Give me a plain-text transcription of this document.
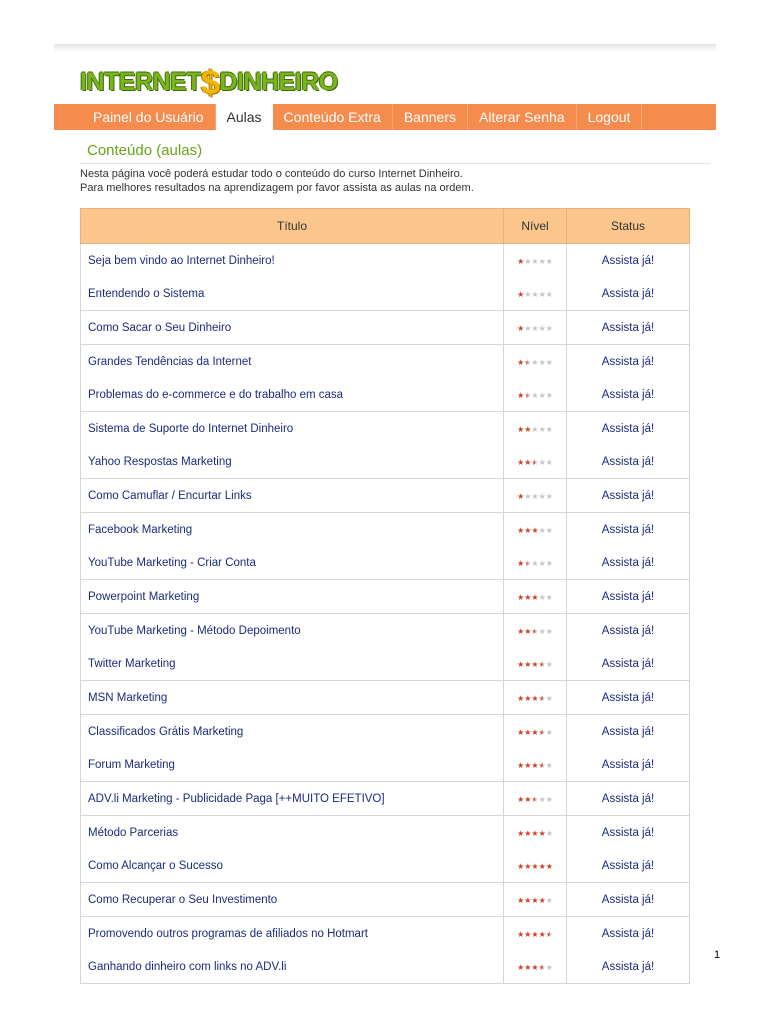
INTERNET$DINHEIRO
Painel do Usuário	Aulas	Conteúdo Extra	Banners	Alterar Senha	Logout
Conteúdo (aulas)
Nesta página você poderá estudar todo o conteúdo do curso Internet Dinheiro.
Para melhores resultados na aprendizagem por favor assista as aulas na ordem.
Título	Nível	Status
Seja bem vindo ao Internet Dinheiro!	★★★★★	Assista já!
Entendendo o Sistema	★★★★★	Assista já!
Como Sacar o Seu Dinheiro	★★★★★	Assista já!
Grandes Tendências da Internet	★★★★★	Assista já!
Problemas do e-commerce e do trabalho em casa	★★★★★	Assista já!
Sistema de Suporte do Internet Dinheiro	★★★★★	Assista já!
Yahoo Respostas Marketing	★★★★★	Assista já!
Como Camuflar / Encurtar Links	★★★★★	Assista já!
Facebook Marketing	★★★★★	Assista já!
YouTube Marketing - Criar Conta	★★★★★	Assista já!
Powerpoint Marketing	★★★★★	Assista já!
YouTube Marketing - Método Depoimento	★★★★★	Assista já!
Twitter Marketing	★★★★★	Assista já!
MSN Marketing	★★★★★	Assista já!
Classificados Grátis Marketing	★★★★★	Assista já!
Forum Marketing	★★★★★	Assista já!
ADV.li Marketing - Publicidade Paga [++MUITO EFETIVO]	★★★★★	Assista já!
Método Parcerias	★★★★★	Assista já!
Como Alcançar o Sucesso	★★★★★	Assista já!
Como Recuperar o Seu Investimento	★★★★★	Assista já!
Promovendo outros programas de afiliados no Hotmart	★★★★★	Assista já!
Ganhando dinheiro com links no ADV.li	★★★★★	Assista já!
1
